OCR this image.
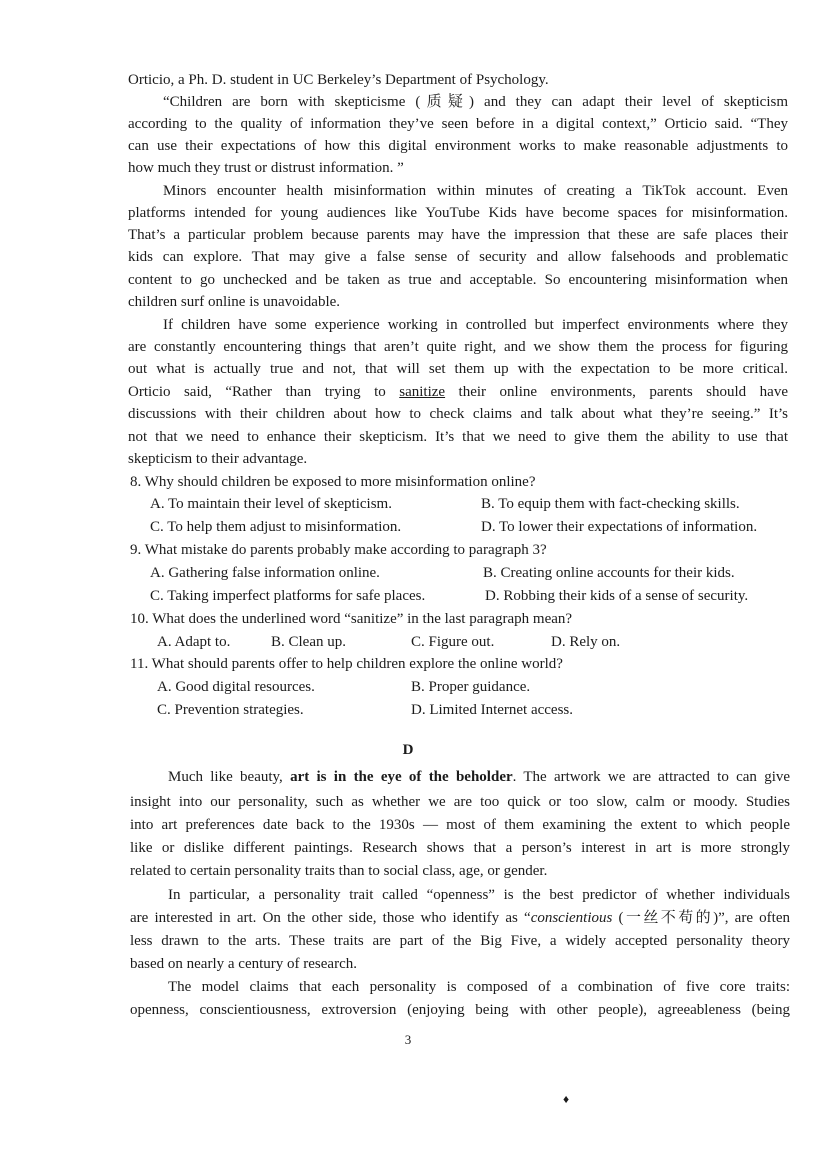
Orticio, a Ph. D. student in UC Berkeley’s Department of Psychology.
“Children are born with skepticisme (质疑) and they can adapt their level of skepticism
according to the quality of information they’ve seen before in a digital context,” Orticio said. “They
can use their expectations of how this digital environment works to make reasonable adjustments to
how much they trust or distrust information. ”
Minors encounter health misinformation within minutes of creating a TikTok account. Even
platforms intended for young audiences like YouTube Kids have become spaces for misinformation.
That’s a particular problem because parents may have the impression that these are safe places their
kids can explore. That may give a false sense of security and allow falsehoods and problematic
content to go unchecked and be taken as true and acceptable. So encountering misinformation when
children surf online is unavoidable.
If children have some experience working in controlled but imperfect environments where they
are constantly encountering things that aren’t quite right, and we show them the process for figuring
out what is actually true and not, that will set them up with the expectation to be more critical.
Orticio said, “Rather than trying to sanitize their online environments, parents should have
discussions with their children about how to check claims and talk about what they’re seeing.” It’s
not that we need to enhance their skepticism. It’s that we need to give them the ability to use that
skepticism to their advantage.
8. Why should children be exposed to more misinformation online?
A. To maintain their level of skepticism.	B. To equip them with fact-checking skills.
C. To help them adjust to misinformation.	D. To lower their expectations of information.
9. What mistake do parents probably make according to paragraph 3?
A. Gathering false information online.	B. Creating online accounts for their kids.
C. Taking imperfect platforms for safe places.	D. Robbing their kids of a sense of security.
10. What does the underlined word “sanitize” in the last paragraph mean?
A. Adapt to.	B. Clean up.	C. Figure out.	D. Rely on.
11. What should parents offer to help children explore the online world?
A. Good digital resources.	B. Proper guidance.
C. Prevention strategies.	D. Limited Internet access.
D
Much like beauty, art is in the eye of the beholder. The artwork we are attracted to can give
insight into our personality, such as whether we are too quick or too slow, calm or moody. Studies
into art preferences date back to the 1930s — most of them examining the extent to which people
like or dislike different paintings. Research shows that a person’s interest in art is more strongly
related to certain personality traits than to social class, age, or gender.
In particular, a personality trait called “openness” is the best predictor of whether individuals
are interested in art. On the other side, those who identify as “conscientious (一丝不苟的)”, are often
less drawn to the arts. These traits are part of the Big Five, a widely accepted personality theory
based on nearly a century of research.
The model claims that each personality is composed of a combination of five core traits:
openness, conscientiousness, extroversion (enjoying being with other people), agreeableness (being
3
♦
